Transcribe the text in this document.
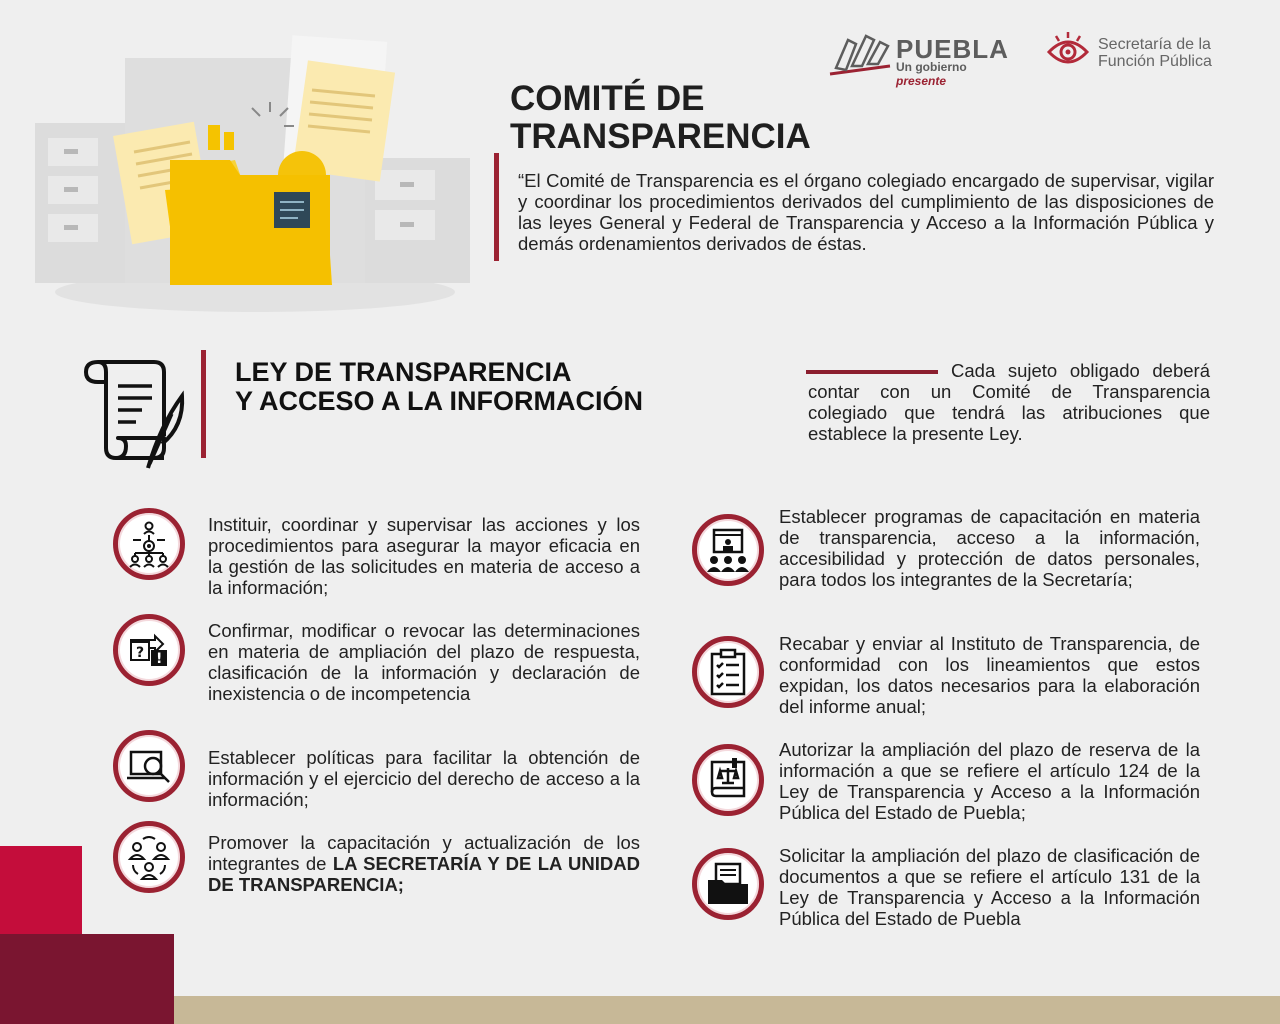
PUEBLA
Un gobierno presente
Secretaría de la Función Pública
COMITÉ DE
TRANSPARENCIA
“El Comité de Transparencia es el órgano colegiado encargado de supervisar, vigilar y coordinar los procedimientos derivados del cumplimiento de las disposiciones de las leyes General y Federal de Transparencia y Acceso a la Información Pública y demás ordenamientos derivados de éstas.
LEY DE TRANSPARENCIA
Y ACCESO A LA INFORMACIÓN
Cada sujeto obligado deberá contar con un Comité de Transparencia colegiado que tendrá las atribuciones que establece la presente Ley.
Instituir, coordinar y supervisar las acciones y los procedimientos para asegurar la mayor eficacia en la gestión de las solicitudes en materia de acceso a la información;
? !
Confirmar, modificar o revocar las determinaciones en materia de ampliación del plazo de respuesta, clasificación de la información y declaración de inexistencia o de incompetencia
Establecer políticas para facilitar la obtención de información y el ejercicio del derecho de acceso a la información;
Promover la capacitación y actualización de los integrantes de LA SECRETARÍA Y DE LA UNIDAD DE TRANSPARENCIA;
Establecer programas de capacitación en materia de transparencia, acceso a la información, accesibilidad y protección de datos personales, para todos los integrantes de la Secretaría;
Recabar y enviar al Instituto de Transparencia, de conformidad con los lineamientos que estos expidan, los datos necesarios para la elaboración del informe anual;
Autorizar la ampliación del plazo de reserva de la información a que se refiere el artículo 124 de la Ley de Transparencia y Acceso a la Información Pública del Estado de Puebla;
Solicitar la ampliación del plazo de clasificación de documentos a que se refiere el artículo 131 de la Ley de Transparencia y Acceso a la Información Pública del Estado de Puebla
